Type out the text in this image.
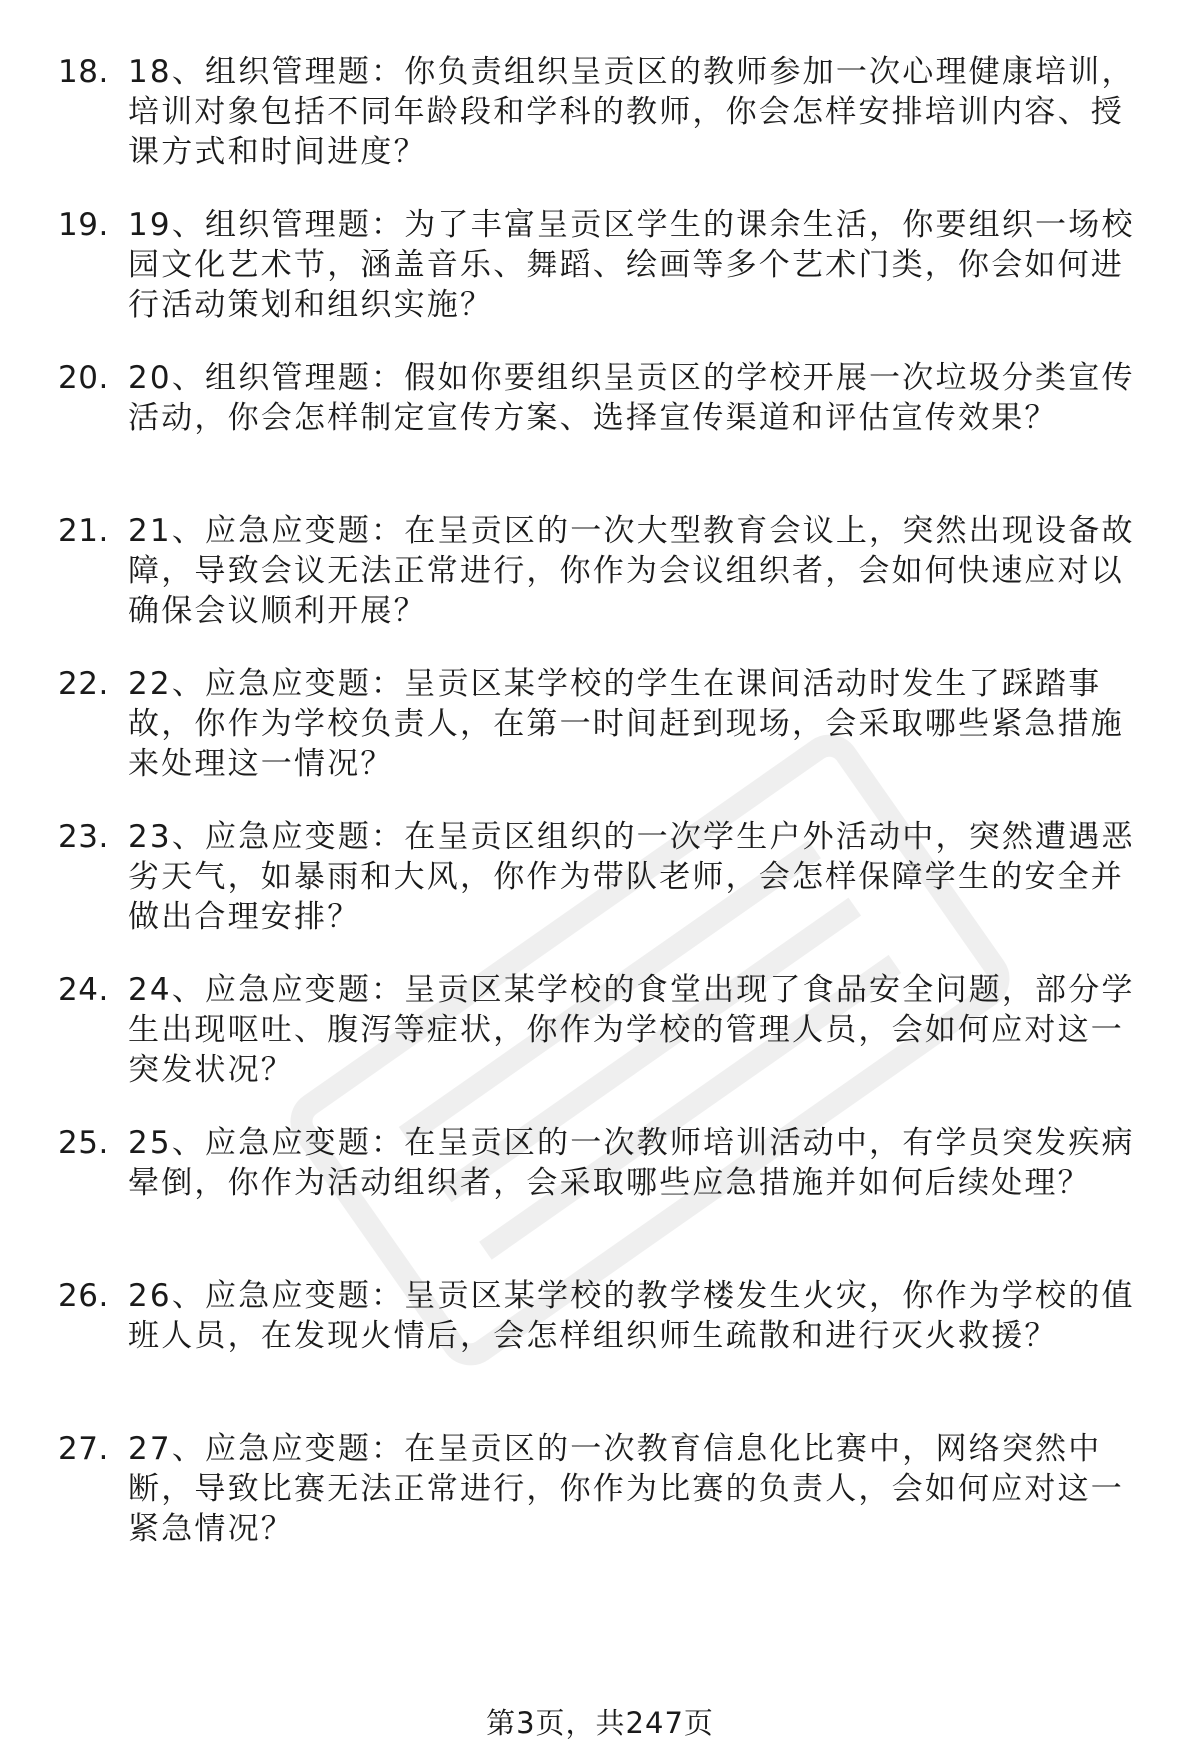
18. 18、组织管理题：你负责组织呈贡区的教师参加一次心理健康培训，培训对象包括不同年龄段和学科的教师，你会怎样安排培训内容、授课方式和时间进度？
19. 19、组织管理题：为了丰富呈贡区学生的课余生活，你要组织一场校园文化艺术节，涵盖音乐、舞蹈、绘画等多个艺术门类，你会如何进行活动策划和组织实施？
20. 20、组织管理题：假如你要组织呈贡区的学校开展一次垃圾分类宣传活动，你会怎样制定宣传方案、选择宣传渠道和评估宣传效果？
21. 21、应急应变题：在呈贡区的一次大型教育会议上，突然出现设备故障，导致会议无法正常进行，你作为会议组织者，会如何快速应对以确保会议顺利开展？
22. 22、应急应变题：呈贡区某学校的学生在课间活动时发生了踩踏事故，你作为学校负责人，在第一时间赶到现场，会采取哪些紧急措施来处理这一情况？
23. 23、应急应变题：在呈贡区组织的一次学生户外活动中，突然遭遇恶劣天气，如暴雨和大风，你作为带队老师，会怎样保障学生的安全并做出合理安排？
24. 24、应急应变题：呈贡区某学校的食堂出现了食品安全问题，部分学生出现呕吐、腹泻等症状，你作为学校的管理人员，会如何应对这一突发状况？
25. 25、应急应变题：在呈贡区的一次教师培训活动中，有学员突发疾病晕倒，你作为活动组织者，会采取哪些应急措施并如何后续处理？
26. 26、应急应变题：呈贡区某学校的教学楼发生火灾，你作为学校的值班人员，在发现火情后，会怎样组织师生疏散和进行灭火救援？
27. 27、应急应变题：在呈贡区的一次教育信息化比赛中，网络突然中断，导致比赛无法正常进行，你作为比赛的负责人，会如何应对这一紧急情况？
第3页，共247页
